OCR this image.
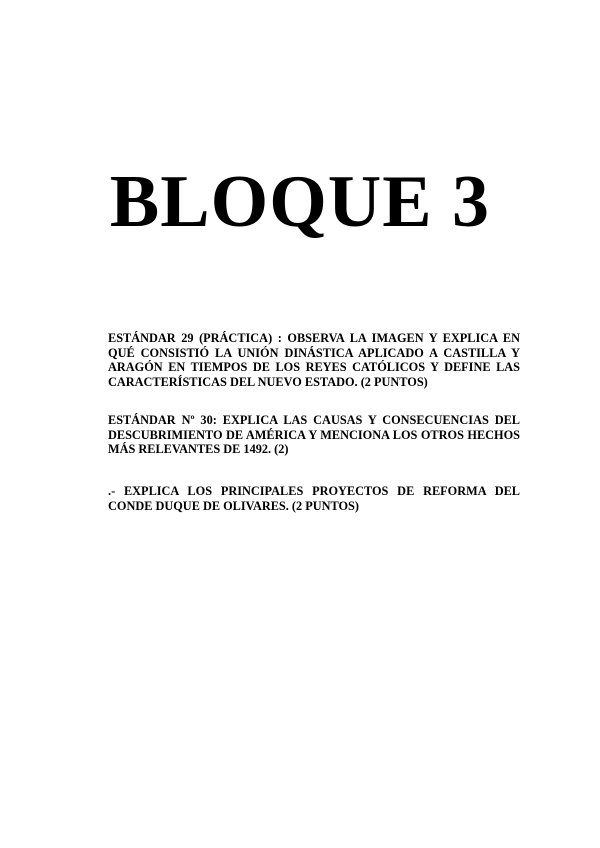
BLOQUE 3

ESTÁNDAR 29 (PRÁCTICA) : OBSERVA LA IMAGEN Y EXPLICA EN QUÉ CONSISTIÓ LA UNIÓN DINÁSTICA APLICADO A CASTILLA Y ARAGÓN EN TIEMPOS DE LOS REYES CATÓLICOS Y DEFINE LAS CARACTERÍSTICAS DEL NUEVO ESTADO. (2 PUNTOS)

ESTÁNDAR Nº 30: EXPLICA LAS CAUSAS Y CONSECUENCIAS DEL DESCUBRIMIENTO DE AMÉRICA Y MENCIONA LOS OTROS HECHOS MÁS RELEVANTES DE 1492. (2)

.- EXPLICA LOS PRINCIPALES PROYECTOS DE REFORMA DEL CONDE DUQUE DE OLIVARES. (2 PUNTOS)
